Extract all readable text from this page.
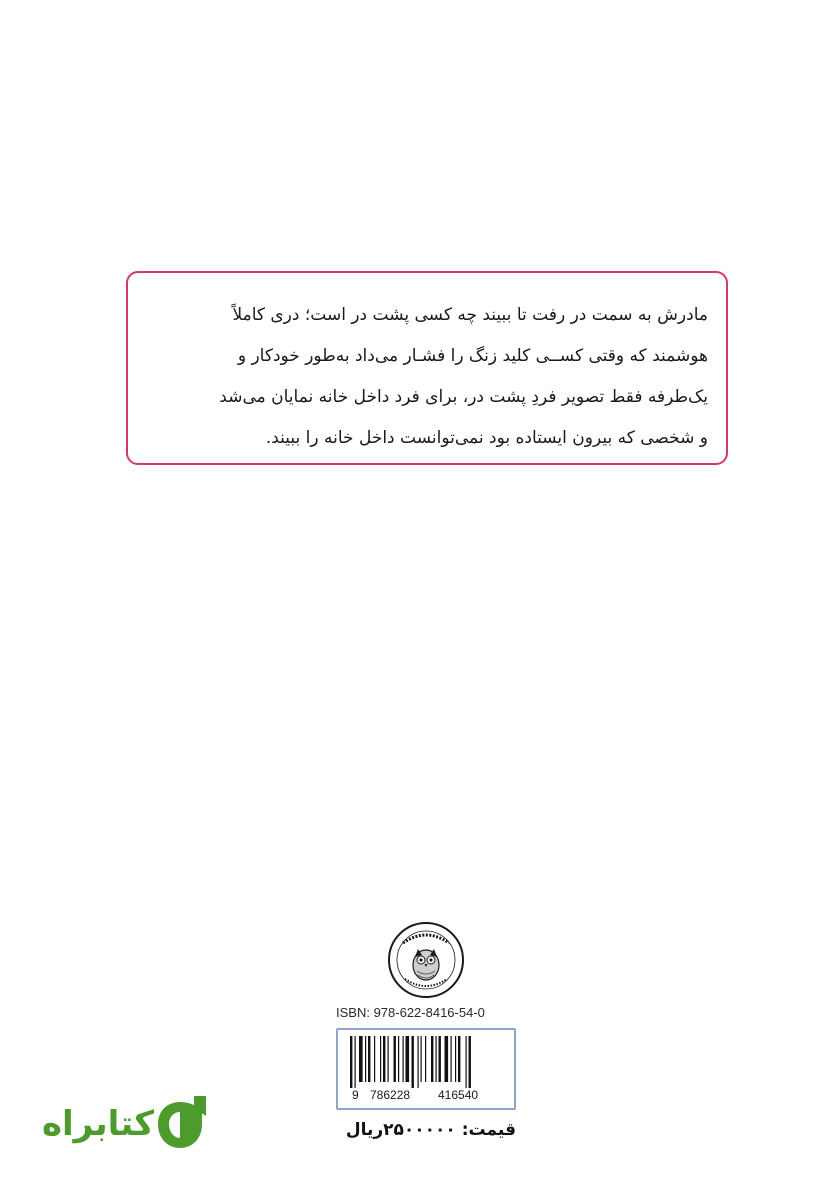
مادرش به سمت در رفت تا ببیند چه کسی پشت در است؛ دری کاملاً
هوشمند که وقتی کســی کلید زنگ را فشـار می‌داد به‌طور خودکار و
یک‌طرفه فقط تصویر فردِ پشت در، برای فرد داخل خانه نمایان می‌شد
و شخصی که بیرون ایستاده بود نمی‌توانست داخل خانه را ببیند.
ISBN: 978-622-8416-54-0
9 786228 416540
قیمت: ۲۵۰۰۰۰۰ریال
کتابراه
